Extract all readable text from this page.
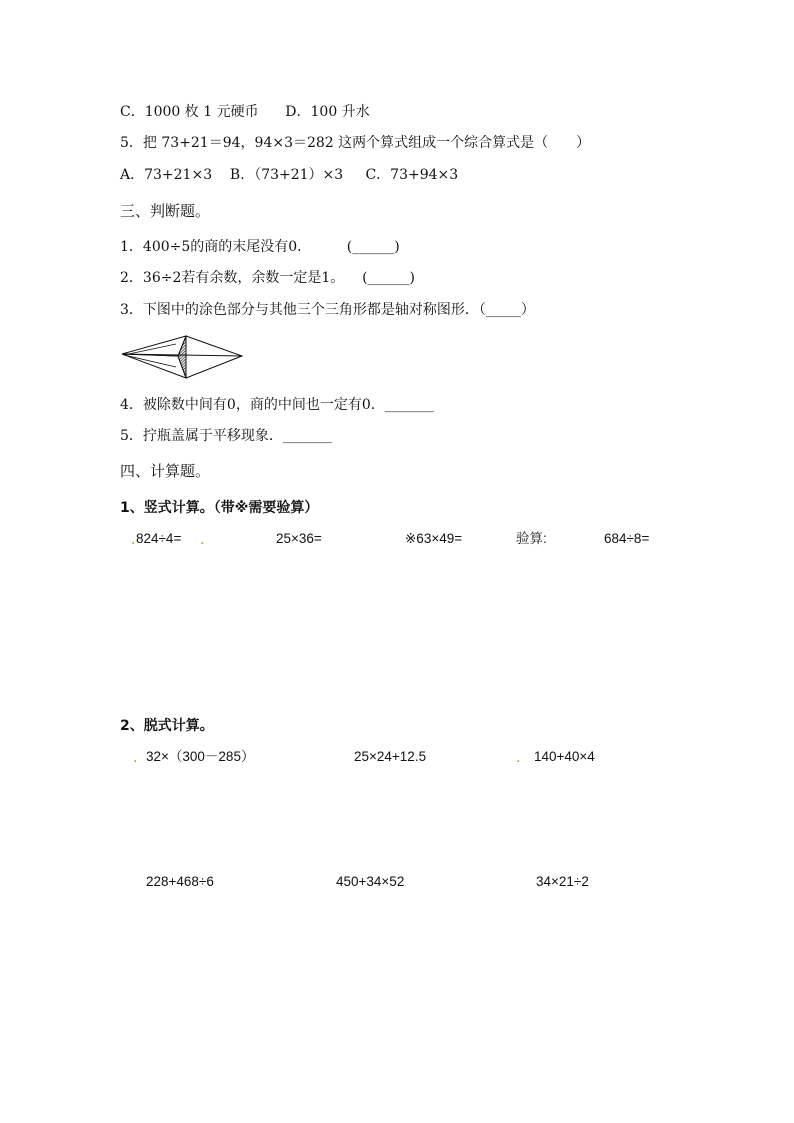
C．1000 枚 1 元硬币      D．100 升水
5．把 73+21＝94，94×3＝282 这两个算式组成一个综合算式是（　　）
A．73+21×3    B．（73+21）×3     C．73+94×3
三、判断题。
1．400÷5的商的末尾没有0．        (______)
2．36÷2若有余数，余数一定是1。    (______)
3．下图中的涂色部分与其他三个三角形都是轴对称图形．（_____）
4．被除数中间有0，商的中间也一定有0．_______
5．拧瓶盖属于平移现象．_______
四、计算题。
1、竖式计算。（带※需要验算）
. 824÷4= .	25×36=	※63×49=	验算:	684÷8=
2、脱式计算。
. 32×（300－285）	25×24+12.5	. 140+40×4
228+468÷6	450+34×52	34×21÷2
